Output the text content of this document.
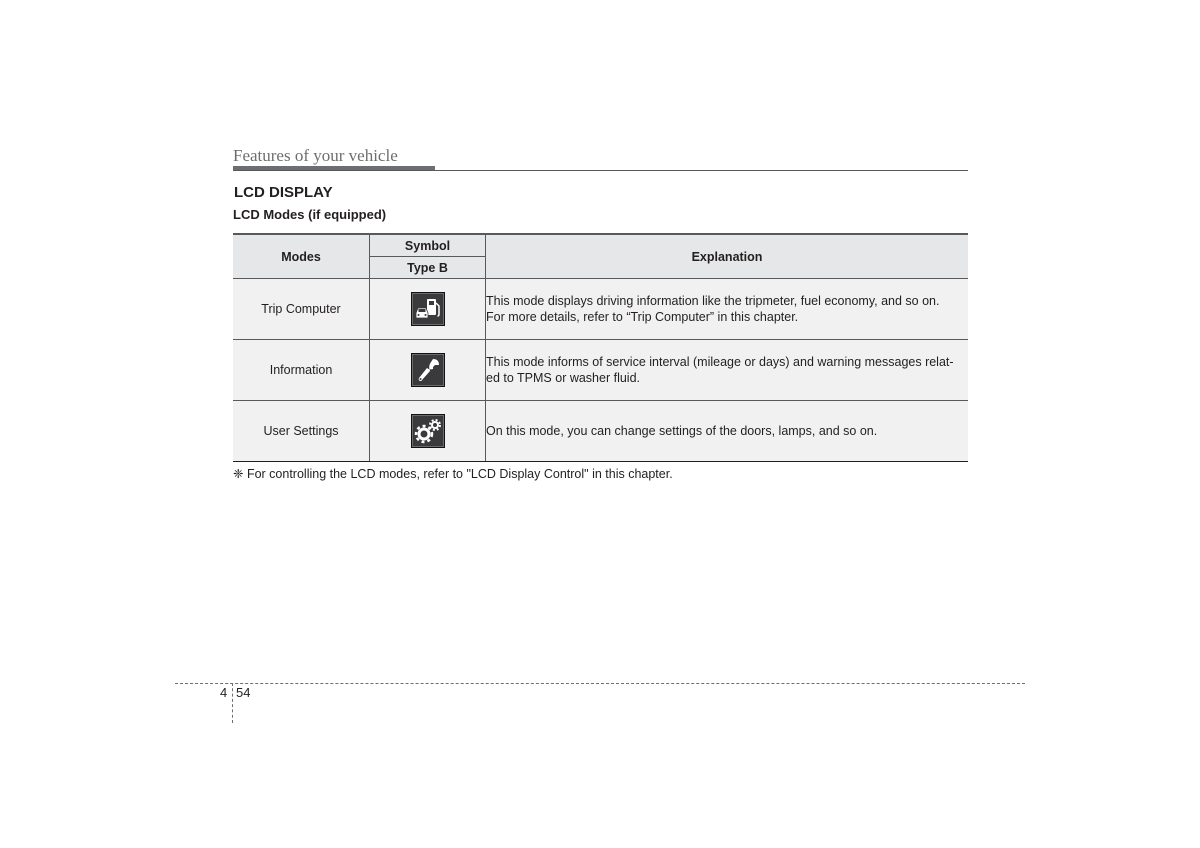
Features of your vehicle
LCD DISPLAY
LCD Modes (if equipped)
Modes	Symbol	Explanation
	Type B	
Trip Computer		This mode displays driving information like the tripmeter, fuel economy, and so on.
For more details, refer to “Trip Computer” in this chapter.

Information		This mode informs of service interval (mileage or days) and warning messages relat-
ed to TPMS or washer fluid.

User Settings		On this mode, you can change settings of the doors, lamps, and so on.
❈ For controlling the LCD modes, refer to "LCD Display Control" in this chapter.
4 54
